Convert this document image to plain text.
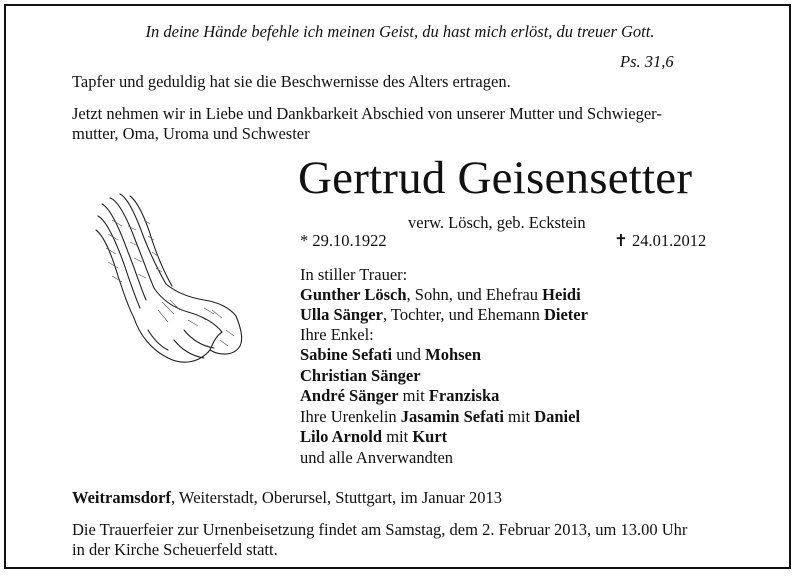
In deine Hände befehle ich meinen Geist, du hast mich erlöst, du treuer Gott.
Ps. 31,6
Tapfer und geduldig hat sie die Beschwernisse des Alters ertragen.
Jetzt nehmen wir in Liebe und Dankbarkeit Abschied von unserer Mutter und Schwieger-
mutter, Oma, Uroma und Schwester
Gertrud Geisensetter
verw. Lösch, geb. Eckstein
* 29.10.1922	✝ 24.01.2012
In stiller Trauer:
Gunther Lösch, Sohn, und Ehefrau Heidi
Ulla Sänger, Tochter, und Ehemann Dieter
Ihre Enkel:
Sabine Sefati und Mohsen
Christian Sänger
André Sänger mit Franziska
Ihre Urenkelin Jasamin Sefati mit Daniel
Lilo Arnold mit Kurt
und alle Anverwandten
Weitramsdorf, Weiterstadt, Oberursel, Stuttgart, im Januar 2013
Die Trauerfeier zur Urnenbeisetzung findet am Samstag, dem 2. Februar 2013, um 13.00 Uhr
in der Kirche Scheuerfeld statt.
